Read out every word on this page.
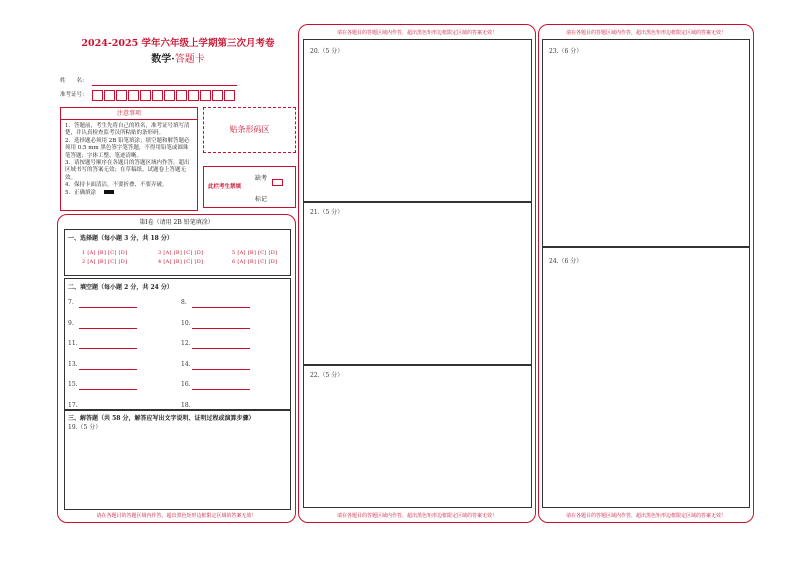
2024-2025 学年六年级上学期第三次月考卷
数学·答题卡
姓　　名：
准考证号：
注意事项
1．答题前，考生先将自己的姓名，准考证号填写清楚，并认真检查监考员所粘贴的条形码。
2．选择题必须用 2B 铅笔填涂；填空题和解答题必须用 0.5 mm 黑色签字笔答题，不得用铅笔或圆珠笔答题；字体工整、笔迹清晰。
3．请按题号顺序在各题目的答题区域内作答，超出区域书写的答案无效；在草稿纸、试题卷上答题无效。
4．保持卡面清洁，不要折叠、不要弄破。
5．正确填涂
贴条形码区
此栏考生禁填
缺考
标记
第Ⅰ卷（请用 2B 铅笔填涂）
一、选择题（每小题 3 分，共 18 分）
1 [A] [B] [C] [D]	3 [A] [B] [C] [D]	5 [A] [B] [C] [D]
2 [A] [B] [C] [D]	4 [A] [B] [C] [D]	6 [A] [B] [C] [D]
二、填空题（每小题 2 分，共 24 分）
7.	8.
9.	10.
11.	12.
13.	14.
15.	16.
17.	18.
三、解答题（共 58 分，解答应写出文字说明、证明过程或演算步骤）
19.（5 分）
请在各题目的答题区域内作答，超出黑色矩形边框限定区域的答案无效！
请在各题目的答题区域内作答，超出黑色矩形边框限定区域的答案无效！
20.（5 分）
21.（5 分）
22.（5 分）
请在各题目的答题区域内作答，超出黑色矩形边框限定区域的答案无效！
请在各题目的答题区域内作答，超出黑色矩形边框限定区域的答案无效！
23.（6 分）
24.（6 分）
请在各题目的答题区域内作答，超出黑色矩形边框限定区域的答案无效！
